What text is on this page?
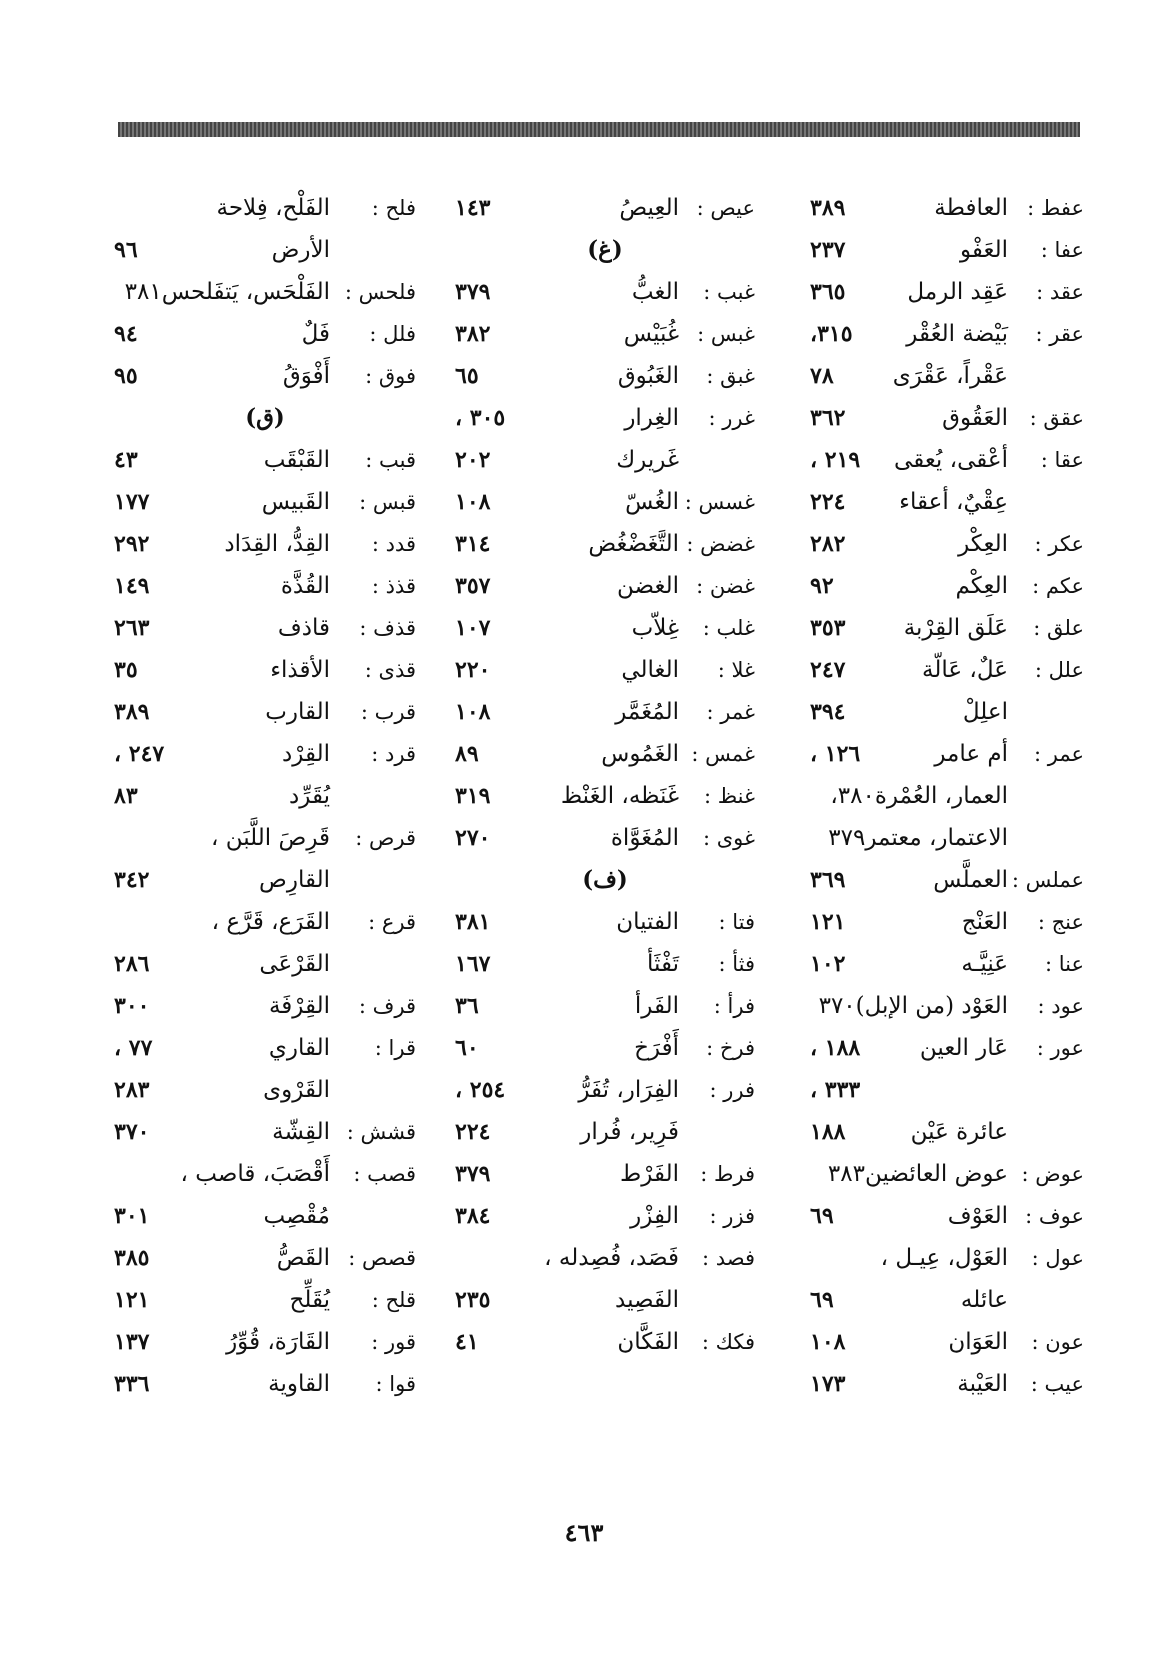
عفط :
العافطة
٣٨٩
عفا :
العَفْو
٢٣٧
عقد :
عَقِد الرمل
٣٦٥
عقر :
بَيْضة العُقْر
٣١٥،
عَقْراً، عَقْرَى
٧٨
عقق :
العَقُوق
٣٦٢
عقا :
أعْقى، يُعقى
٢١٩ ،
عِقْيٌ، أعقاء
٢٢٤
عكر :
العِكْر
٢٨٢
عكم :
العِكْم
٩٢
علق :
عَلَق القِرْبة
٣٥٣
علل :
عَلٌ، عَالّة
٢٤٧
اعلِلْ
٣٩٤
عمر :
أم عامر
١٢٦ ،
العمار، العُمْرة٣٨٠،
الاعتمار، معتمر٣٧٩
عملس :
العملَّس
٣٦٩
عنج :
العَنْج
١٢١
عنا :
عَنِيَّـه
١٠٢
عود :
العَوْد (من الإبل)٣٧٠
عور :
عَار العين
١٨٨ ،
٣٣٣ ،
عائرة عَيْن
١٨٨
عوض :
عوض العائضين٣٨٣
عوف :
العَوْف
٦٩
عول :
العَوْل، عِيـل ،
عائله
٦٩
عون :
العَوَان
١٠٨
عيب :
العَيْبة
١٧٣
عيص :
العِيصُ
١٤٣
(غ)
غبب :
الغبُّ
٣٧٩
غبس :
غُبَيْس
٣٨٢
غبق :
الغَبُوق
٦٥
غرر :
الغِرار
٣٠٥ ،
غَريرك
٢٠٢
غسس :
الغُسّ
١٠٨
غضض :
التَّغَضْغُض
٣١٤
غضن :
الغضن
٣٥٧
غلب :
غِلاّب
١٠٧
غلا :
الغالي
٢٢٠
غمر :
المُغَمَّر
١٠٨
غمس :
الغَمُوس
٨٩
غنظ :
غَنَظه، الغَنْظ
٣١٩
غوى :
المُغَوَّاة
٢٧٠
(ف)
فتا :
الفتيان
٣٨١
فثأ :
تَفْثَأ
١٦٧
فرأ :
الفَرأ
٣٦
فرخ :
أَفْرَخ
٦٠
فرر :
الفِرَار، تُفَرُّ
٢٥٤ ،
فَرِير، فُرار
٢٢٤
فرط :
الفَرْط
٣٧٩
فزر :
الفِزْر
٣٨٤
فصد :
فَصَد، فُصِدله ،
الفَصِيد
٢٣٥
فكك :
الفَكَّان
٤١
فلح :
الفَلْح، فِلاحة
الأرض
٩٦
فلحس :
الفَلْحَس، يَتفَلحس٣٨١
فلل :
فَلٌ
٩٤
فوق :
أَفْوَقُ
٩٥
(ق)
قبب :
القَبْقَب
٤٣
قبس :
القَبيس
١٧٧
قدد :
القِدُّ، القِدَاد
٢٩٢
قذذ :
القُذَّة
١٤٩
قذف :
قاذف
٢٦٣
قذى :
الأقذاء
٣٥
قرب :
القارب
٣٨٩
قرد :
القِرْد
٢٤٧ ،
يُقَرِّد
٨٣
قرص :
قَرِصَ اللَّبَن ،
القارِص
٣٤٢
قرع :
القَرَع، قَرَّع ،
القَرْعَى
٢٨٦
قرف :
القِرْفَة
٣٠٠
قرا :
القاري
٧٧ ،
القَرْوى
٢٨٣
قشش :
القِشّة
٣٧٠
قصب :
أَقْصَبَ، قاصب ،
مُقْصِب
٣٠١
قصص :
القَصُّ
٣٨٥
قلح :
يُقَلِّح
١٢١
قور :
القَارَة، قُوِّرُ
١٣٧
قوا :
القاوية
٣٣٦
٤٦٣
